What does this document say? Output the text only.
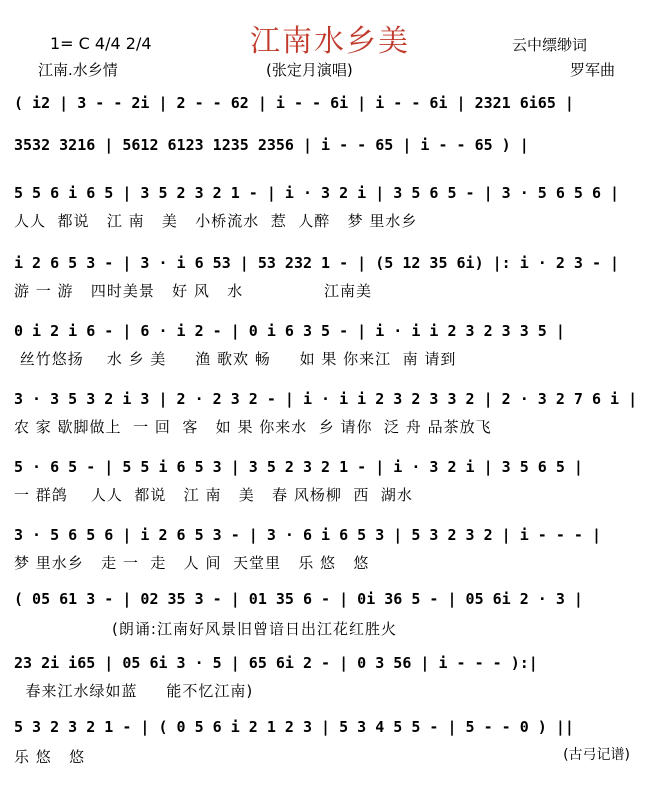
江南水乡美
1= C 4/4 2/4	云中缥缈词
江南.水乡情	(张定月演唱)	罗军曲
( i2 | 3 - - 2i | 2 - - 62 | i - - 6i | i - - 6i | 2321 6i65 |
3532 3216 | 5612 6123 1235 2356 | i - - 65 | i - - 65 ) |
5 5 6 i 6 5 | 3 5 2 3 2 1 - | i · 3 2 i | 3 5 6 5 - | 3 · 5 6 5 6 |
人人  都说   江 南   美   小桥流水  惹  人醉   梦 里水乡
i 2 6 5 3 - | 3 · i 6 53 | 53 232 1 - | (5 12 35 6i) |: i · 2 3 - |
游 一 游   四时美景   好 风   水              江南美
0 i 2 i 6 - | 6 · i 2 - | 0 i 6 3 5 - | i · i i 2 3 2 3 3 5 |
丝竹悠扬    水 乡 美     渔 歌欢 畅     如 果 你来江  南 请到
3 · 3 5 3 2 i 3 | 2 · 2 3 2 - | i · i i 2 3 2 3 3 2 | 2 · 3 2 7 6 i |
农 家 歇脚做上  一 回  客   如 果 你来水  乡 请你  泛 舟 品茶放飞
5 · 6 5 - | 5 5 i 6 5 3 | 3 5 2 3 2 1 - | i · 3 2 i | 3 5 6 5 |
一 群鸽    人人  都说   江 南   美   春 风杨柳  西  湖水
3 · 5 6 5 6 | i 2 6 5 3 - | 3 · 6 i 6 5 3 | 5 3 2 3 2 | i - - - |
梦 里水乡   走 一  走   人 间  天堂里   乐 悠   悠
( 05 61 3 - | 02 35 3 - | 01 35 6 - | 0i 36 5 - | 05 6i 2 · 3 |
(朗诵:江南好风景旧曾谙日出江花红胜火
23 2i i65 | 05 6i 3 · 5 | 65 6i 2 - | 0 3 56 | i - - - ):|
春来江水绿如蓝     能不忆江南)
5 3 2 3 2 1 - | ( 0 5 6 i 2 1 2 3 | 5 3 4 5 5 - | 5 - - 0 ) ||
乐 悠   悠	(古弓记谱)
